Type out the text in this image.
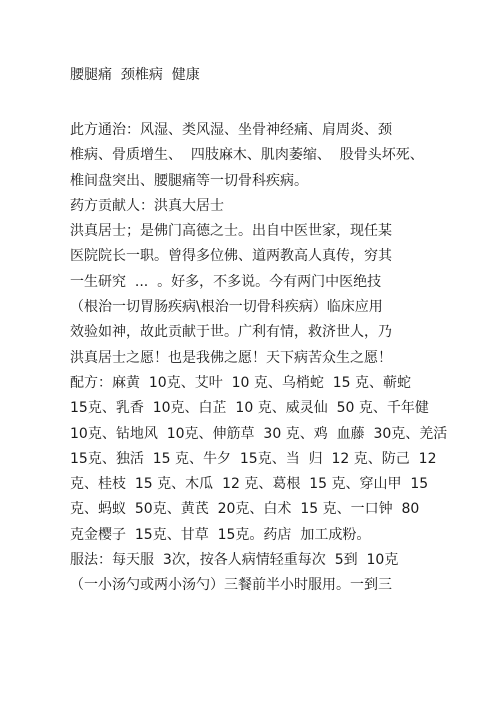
腰腿痛  颈椎病  健康
此方通治：风湿、类风湿、坐骨神经痛、肩周炎、颈
椎病、骨质增生、  四肢麻木、肌肉萎缩、  股骨头坏死、
椎间盘突出、腰腿痛等一切骨科疾病。
药方贡献人：洪真大居士
洪真居士；是佛门高德之士。出自中医世家，现任某
医院院长一职。曾得多位佛、道两教高人真传，穷其
一生研究  ...  。好多，不多说。今有两门中医绝技
（根治一切胃肠疾病\根治一切骨科疾病）临床应用
效验如神，故此贡献于世。广利有情，救济世人，乃
洪真居士之愿！也是我佛之愿！天下病苦众生之愿！
配方：麻黄  10克、艾叶  10 克、乌梢蛇  15 克、蕲蛇
15克、乳香  10克、白芷  10 克、威灵仙  50 克、千年健
10克、钻地风  10克、伸筋草  30 克、鸡  血藤  30克、羌活
15克、独活  15 克、牛夕  15克、当  归  12 克、防己  12
克、桂枝  15 克、木瓜  12 克、葛根  15 克、穿山甲  15
克、蚂蚁  50克、黄芪  20克、白术  15 克、一口钟  80
克金樱子  15克、甘草  15克。药店  加工成粉。
服法：每天服  3次，按各人病情轻重每次  5到  10克
（一小汤勺或两小汤勺）三餐前半小时服用。一到三
